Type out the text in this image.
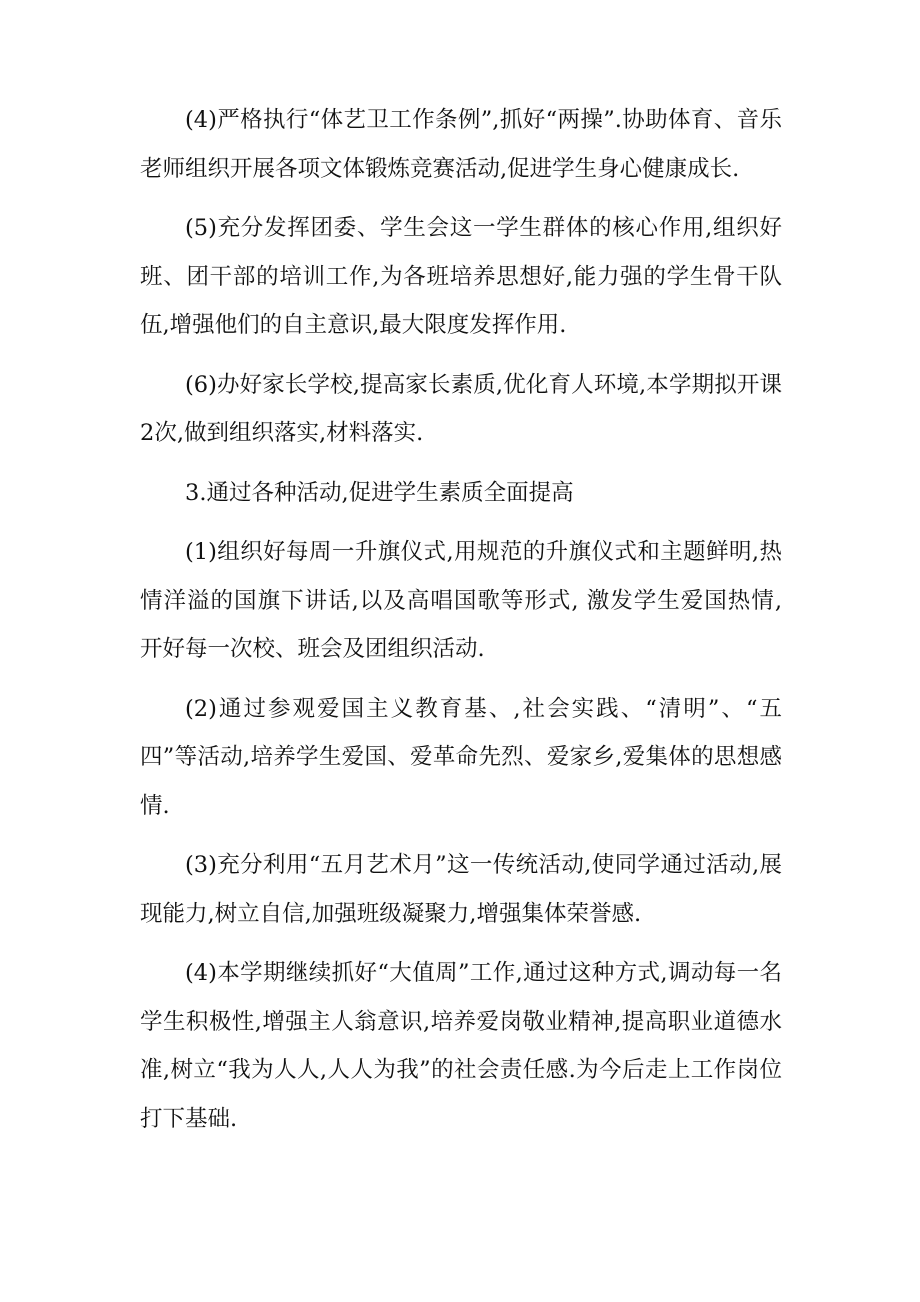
(4)严格执行“体艺卫工作条例”,抓好“两操”.协助体育、音乐老师组织开展各项文体锻炼竞赛活动,促进学生身心健康成长.

(5)充分发挥团委、学生会这一学生群体的核心作用,组织好班、团干部的培训工作,为各班培养思想好,能力强的学生骨干队伍,增强他们的自主意识,最大限度发挥作用.

(6)办好家长学校,提高家长素质,优化育人环境,本学期拟开课2次,做到组织落实,材料落实.

3.通过各种活动,促进学生素质全面提高

(1)组织好每周一升旗仪式,用规范的升旗仪式和主题鲜明,热情洋溢的国旗下讲话,以及高唱国歌等形式, 激发学生爱国热情, 开好每一次校、班会及团组织活动.

(2)通过参观爱国主义教育基、,社会实践、“清明”、“五四”等活动,培养学生爱国、爱革命先烈、爱家乡,爱集体的思想感情.

(3)充分利用“五月艺术月”这一传统活动,使同学通过活动,展现能力,树立自信,加强班级凝聚力,增强集体荣誉感.

(4)本学期继续抓好“大值周”工作,通过这种方式,调动每一名学生积极性,增强主人翁意识,培养爱岗敬业精神,提高职业道德水准,树立“我为人人,人人为我”的社会责任感.为今后走上工作岗位打下基础.
